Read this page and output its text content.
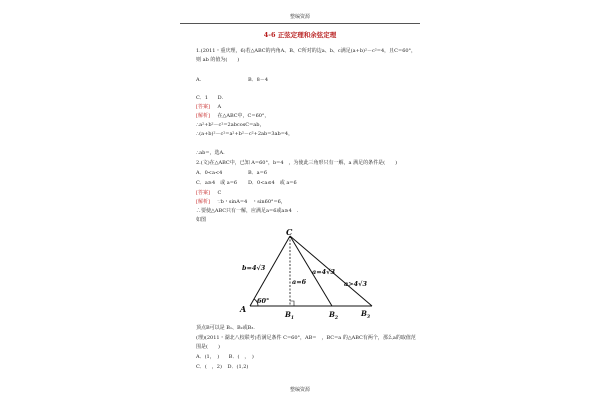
整编资源
4-6 正弦定理和余弦定理
1.(2011・重庆理，6)若△ABC的内角A、B、C所对的边a、b、c满足(a+b)²－c²=4，且C=60°，
则 ab 的值为(　　)
A.	B．8－4
C．1 D.
[答案] A
[解析] 在△ABC中，C=60°，
∴a²+b²－c²=2abcosC=ab，
∴(a+b)²－c²=a²+b²－c²+2ab=3ab=4，
∴ab=，选A.
2.(文)在△ABC中，已知 A=60°，b=4　，为使此三角形只有一解，a 满足的条件是(　　)
A．0<a<4	B．a=6
C．a≥4　或 a=6 D．0<a≤4　或 a=6
[答案] C
[解析] ∵b・sinA=4　・sin60°=6，
∴要使△ABC只有一解，应满足a=6或a≥4　.
如图
C
A
$B_1$	$B_2$
$B_3$
60°
b=4√3
a=6
a=4√3
a>4√3
顶点B可以是 B₁、B₂或B₃.
(理)(2011・湖北八校联考)若满足条件 C=60°，AB=　，BC=a 的△ABC有两个，那么a的取值范
围是(　　)
A．(1，　) B．(　，　)
C．(　，2) D．(1,2)
整编资源
